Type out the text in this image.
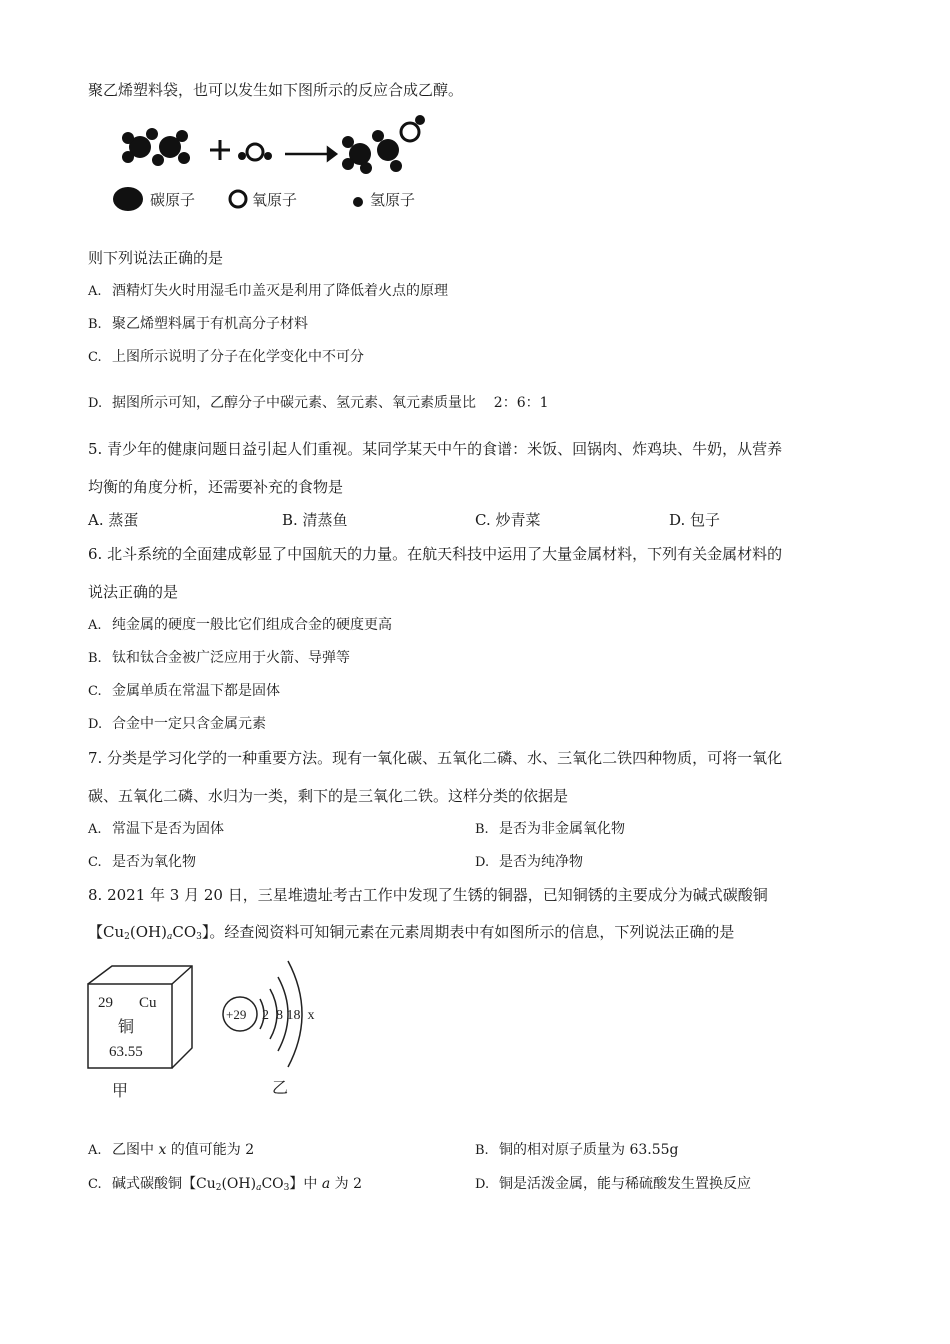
聚乙烯塑料袋，也可以发生如下图所示的反应合成乙醇。
碳原子	氧原子	氢原子
则下列说法正确的是
A. 酒精灯失火时用湿毛巾盖灭是利用了降低着火点的原理
B. 聚乙烯塑料属于有机高分子材料
C. 上图所示说明了分子在化学变化中不可分
D. 据图所示可知，乙醇分子中碳元素、氢元素、氧元素质量比    2：6：1
5. 青少年的健康问题日益引起人们重视。某同学某天中午的食谱：米饭、回锅肉、炸鸡块、牛奶，从营养
均衡的角度分析，还需要补充的食物是
A. 蒸蛋	B. 清蒸鱼	C. 炒青菜	D. 包子
6. 北斗系统的全面建成彰显了中国航天的力量。在航天科技中运用了大量金属材料，下列有关金属材料的
说法正确的是
A. 纯金属的硬度一般比它们组成合金的硬度更高
B. 钛和钛合金被广泛应用于火箭、导弹等
C. 金属单质在常温下都是固体
D. 合金中一定只含金属元素
7. 分类是学习化学的一种重要方法。现有一氧化碳、五氧化二磷、水、三氧化二铁四种物质，可将一氧化
碳、五氧化二磷、水归为一类，剩下的是三氧化二铁。这样分类的依据是
A. 常温下是否为固体	B. 是否为非金属氧化物
C. 是否为氧化物	D. 是否为纯净物
8. 2021 年 3 月 20 日，三星堆遗址考古工作中发现了生锈的铜器，已知铜锈的主要成分为碱式碳酸铜
【$Cu_2(OH)_aCO_3$】。经查阅资料可知铜元素在元素周期表中有如图所示的信息，下列说法正确的是
29 Cu
铜
63.55
甲
+29 2  8 18  x
乙
A. 乙图中 x 的值可能为 2	B. 铜的相对原子质量为 63.55g
C. 碱式碳酸铜【$Cu_2(OH)_aCO_3$】中 a 为 2	D. 铜是活泼金属，能与稀硫酸发生置换反应
